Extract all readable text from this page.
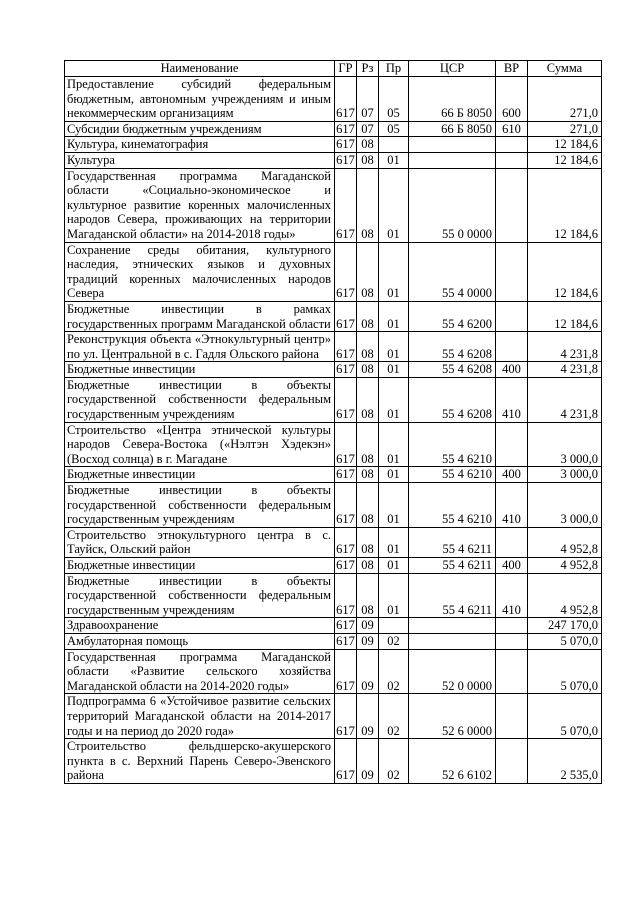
Наименование	ГР	Рз	Пр	ЦСР	ВР	Сумма
Предоставление субсидий федеральным бюджетным, автономным учреждениям и иным некоммерческим организациям	617	07	05	66 Б 8050	600	271,0
Субсидии бюджетным учреждениям	617	07	05	66 Б 8050	610	271,0
Культура, кинематография	617	08				12 184,6
Культура	617	08	01			12 184,6
Государственная программа Магаданской области «Социально-экономическое и культурное развитие коренных малочисленных народов Севера, проживающих на территории Магаданской области» на 2014-2018 годы»	617	08	01	55 0 0000		12 184,6
Сохранение среды обитания, культурного наследия, этнических языков и духовных традиций коренных малочисленных народов Севера	617	08	01	55 4 0000		12 184,6
Бюджетные инвестиции в рамках государственных программ Магаданской области	617	08	01	55 4 6200		12 184,6
Реконструкция объекта «Этнокультурный центр» по ул. Центральной в с. Гадля Ольского района	617	08	01	55 4 6208		4 231,8
Бюджетные инвестиции	617	08	01	55 4 6208	400	4 231,8
Бюджетные инвестиции в объекты государственной собственности федеральным государственным учреждениям	617	08	01	55 4 6208	410	4 231,8
Строительство «Центра этнической культуры народов Севера-Востока («Нэлтэн Хэдекэн» (Восход солнца) в г. Магадане	617	08	01	55 4 6210		3 000,0
Бюджетные инвестиции	617	08	01	55 4 6210	400	3 000,0
Бюджетные инвестиции в объекты государственной собственности федеральным государственным учреждениям	617	08	01	55 4 6210	410	3 000,0
Строительство этнокультурного центра в с. Тауйск, Ольский район	617	08	01	55 4 6211		4 952,8
Бюджетные инвестиции	617	08	01	55 4 6211	400	4 952,8
Бюджетные инвестиции в объекты государственной собственности федеральным государственным учреждениям	617	08	01	55 4 6211	410	4 952,8
Здравоохранение	617	09				247 170,0
Амбулаторная помощь	617	09	02			5 070,0
Государственная программа Магаданской области «Развитие сельского хозяйства Магаданской области на 2014-2020 годы»	617	09	02	52 0 0000		5 070,0
Подпрограмма 6 «Устойчивое развитие сельских территорий Магаданской области на 2014-2017 годы и на период до 2020 года»	617	09	02	52 6 0000		5 070,0
Строительство фельдшерско-акушерского пункта в с. Верхний Парень Северо-Эвенского района	617	09	02	52 6 6102		2 535,0
